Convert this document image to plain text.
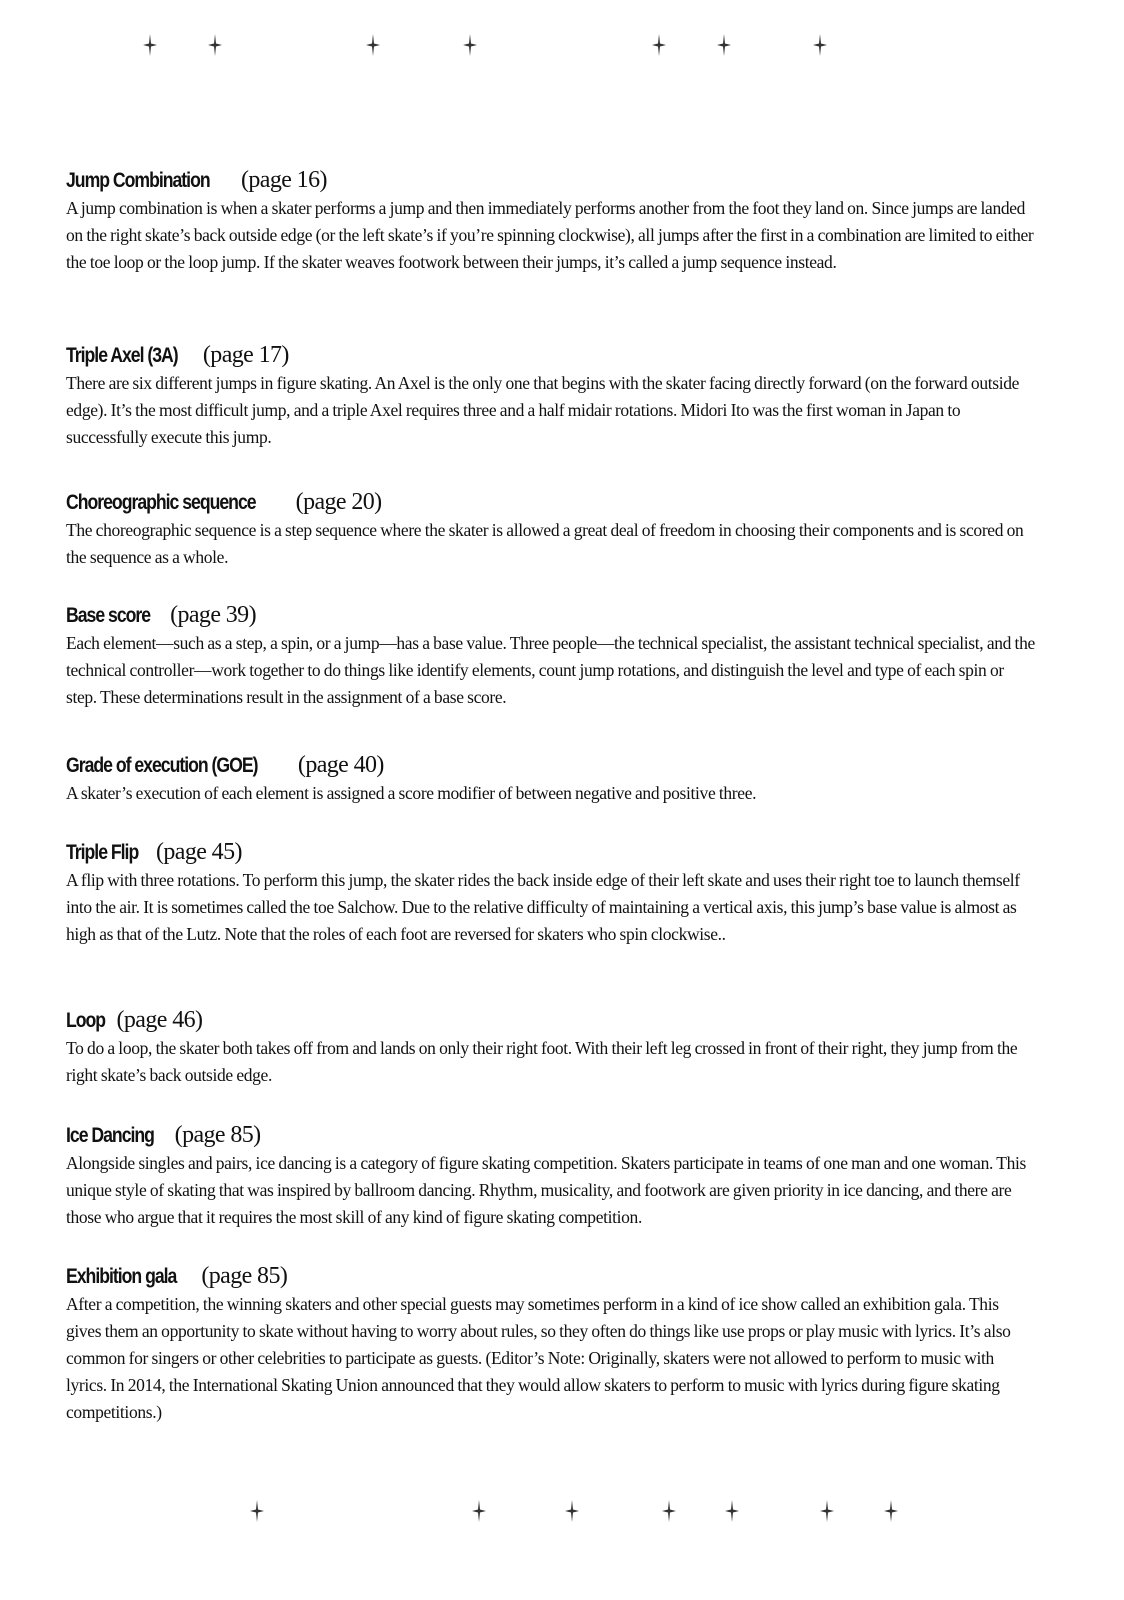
Jump Combination (page 16)

A jump combination is when a skater performs a jump and then immediately performs another from the foot they land on. Since jumps are landed on the right skate’s back outside edge (or the left skate’s if you’re spinning clockwise), all jumps after the first in a combination are limited to either the toe loop or the loop jump. If the skater weaves footwork between their jumps, it’s called a jump sequence instead.

Triple Axel (3A) (page 17)

There are six different jumps in figure skating. An Axel is the only one that begins with the skater facing directly forward (on the forward outside edge). It’s the most difficult jump, and a triple Axel requires three and a half midair rotations. Midori Ito was the first woman in Japan to successfully execute this jump.

Choreographic sequence (page 20)

The choreographic sequence is a step sequence where the skater is allowed a great deal of freedom in choosing their components and is scored on the sequence as a whole.

Base score (page 39)

Each element—such as a step, a spin, or a jump—has a base value. Three people—the technical specialist, the assistant technical specialist, and the technical controller—work together to do things like identify elements, count jump rotations, and distinguish the level and type of each spin or step. These determinations result in the assignment of a base score.

Grade of execution (GOE) (page 40)

A skater’s execution of each element is assigned a score modifier of between negative and positive three.

Triple Flip (page 45)

A flip with three rotations. To perform this jump, the skater rides the back inside edge of their left skate and uses their right toe to launch themself into the air. It is sometimes called the toe Salchow. Due to the relative difficulty of maintaining a vertical axis, this jump’s base value is almost as high as that of the Lutz. Note that the roles of each foot are reversed for skaters who spin clockwise..

Loop (page 46)

To do a loop, the skater both takes off from and lands on only their right foot. With their left leg crossed in front of their right, they jump from the right skate’s back outside edge.

Ice Dancing (page 85)

Alongside singles and pairs, ice dancing is a category of figure skating competition. Skaters participate in teams of one man and one woman. This unique style of skating that was inspired by ballroom dancing. Rhythm, musicality, and footwork are given priority in ice dancing, and there are those who argue that it requires the most skill of any kind of figure skating competition.

Exhibition gala (page 85)

After a competition, the winning skaters and other special guests may sometimes perform in a kind of ice show called an exhibition gala. This gives them an opportunity to skate without having to worry about rules, so they often do things like use props or play music with lyrics. It’s also common for singers or other celebrities to participate as guests. (Editor’s Note: Originally, skaters were not allowed to perform to music with lyrics. In 2014, the International Skating Union announced that they would allow skaters to perform to music with lyrics during figure skating competitions.)
